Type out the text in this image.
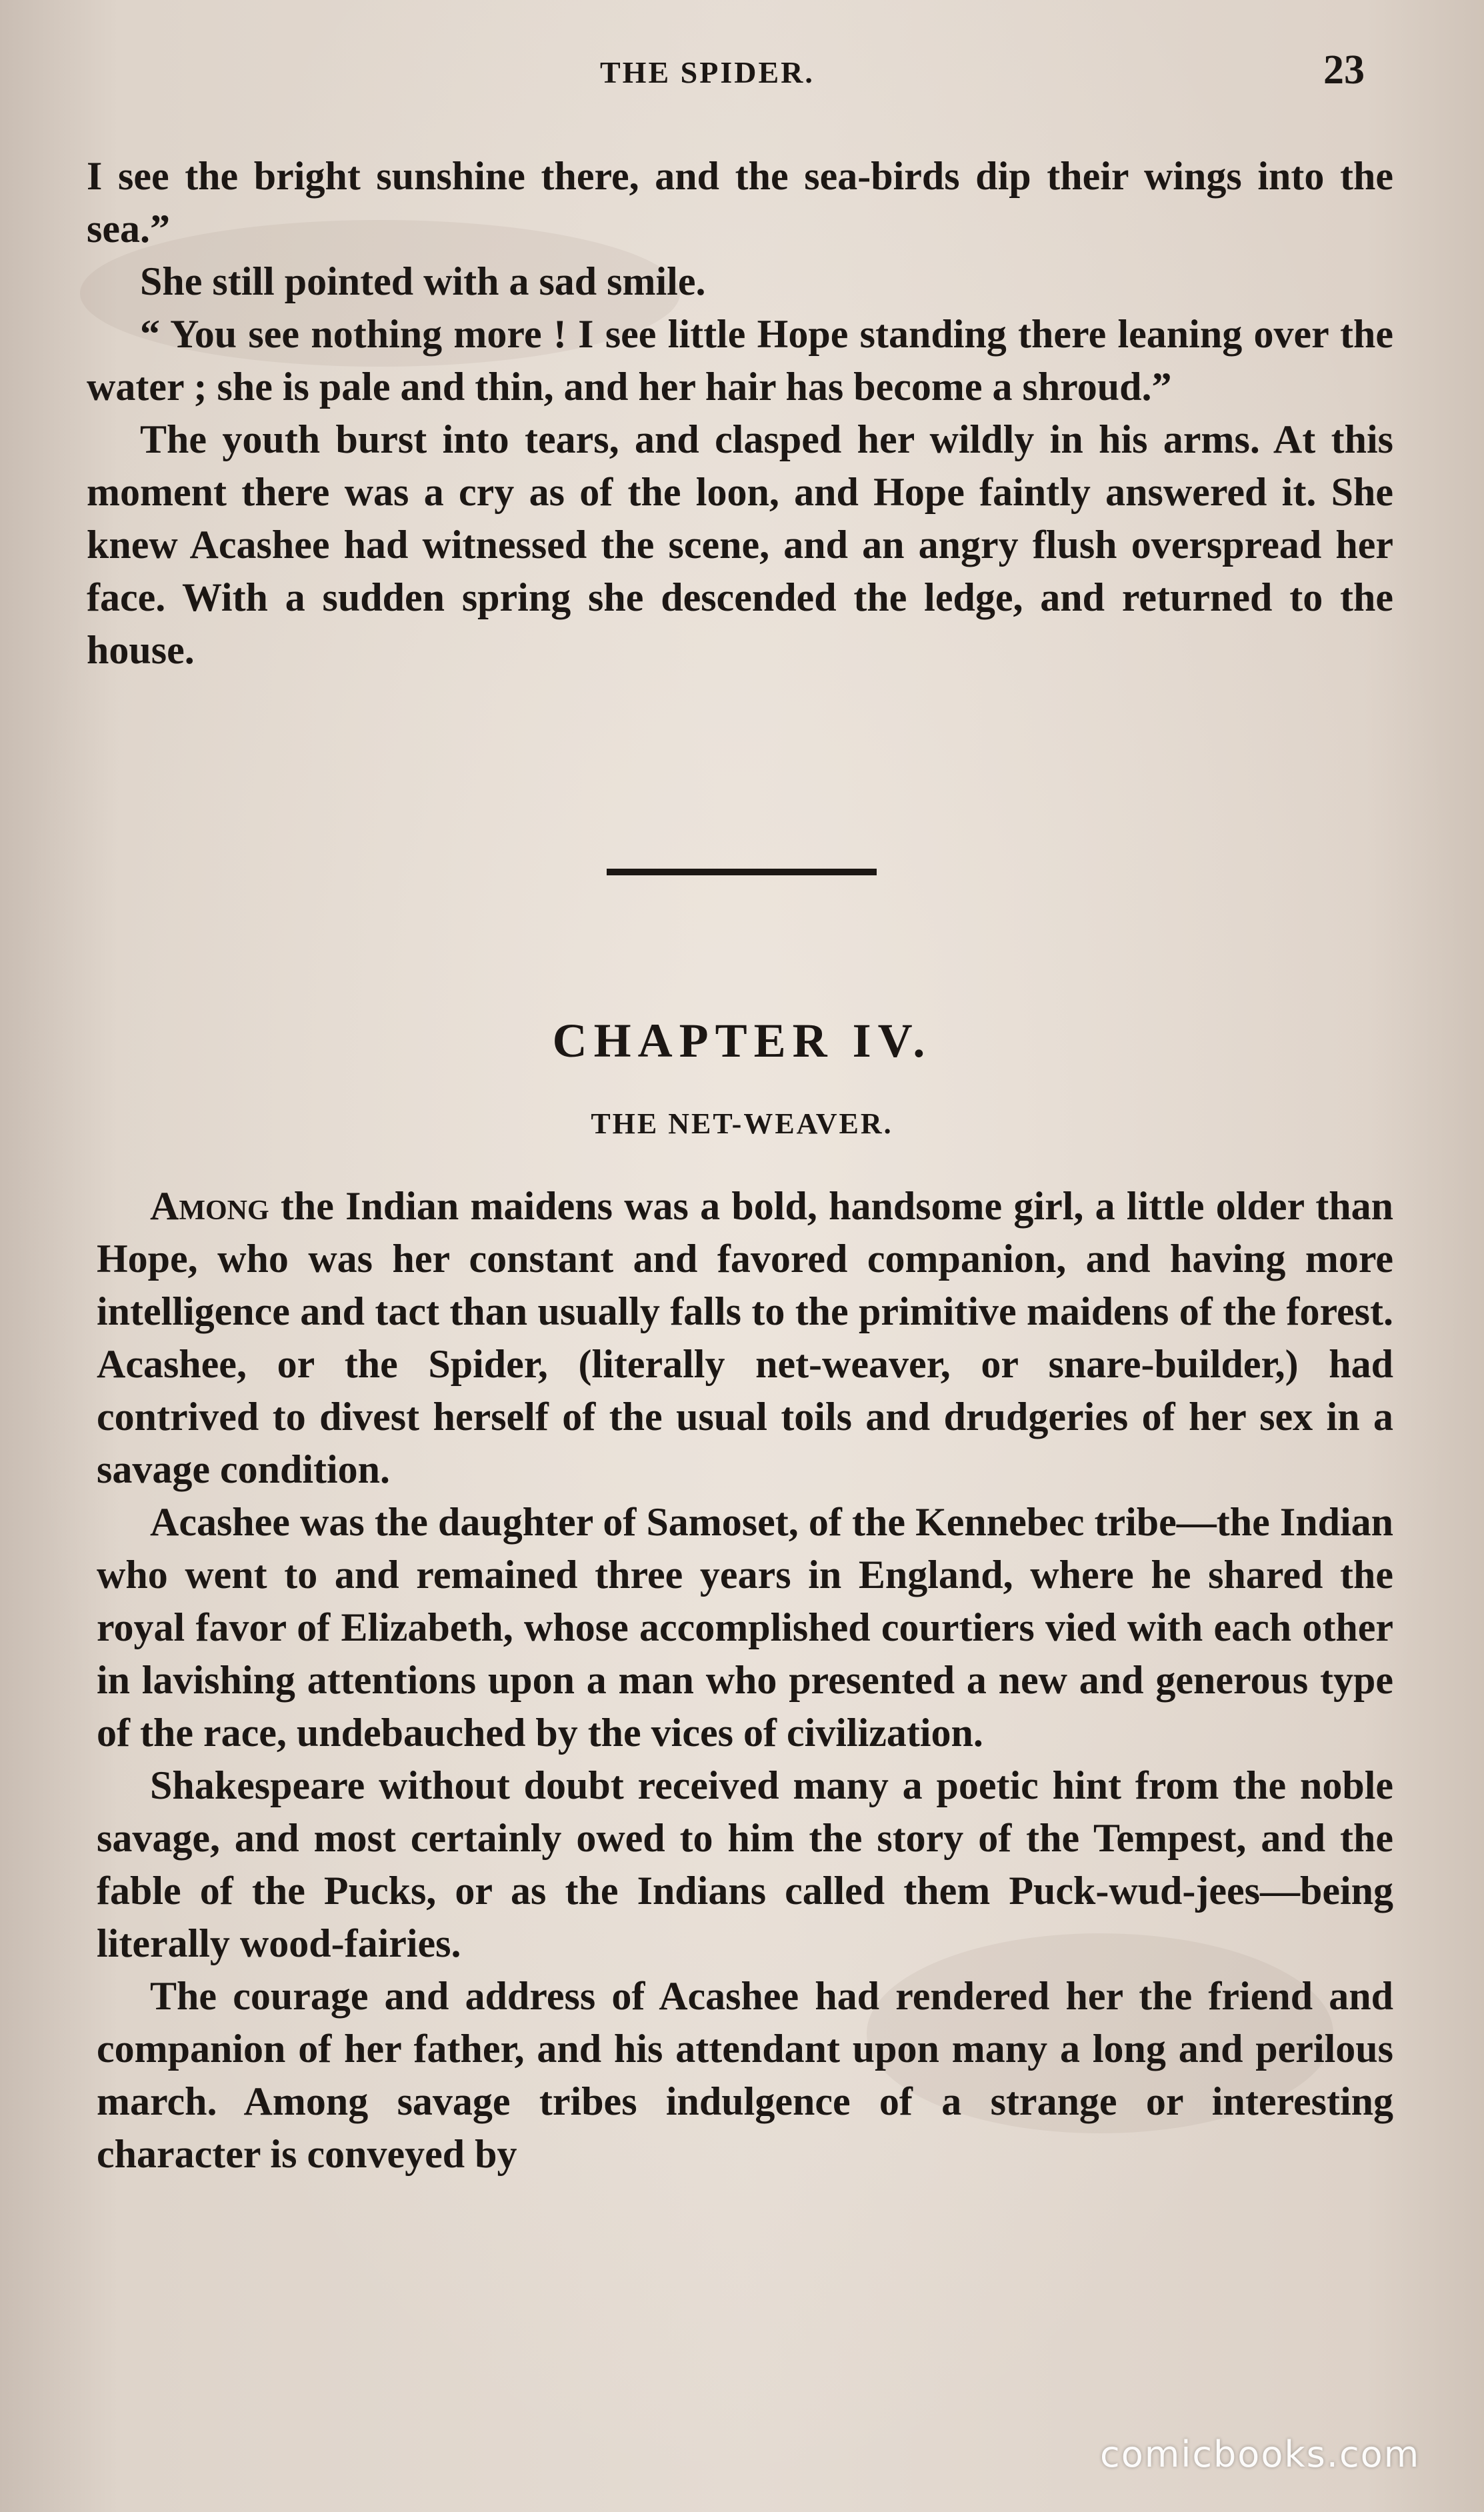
THE SPIDER.	23

I see the bright sunshine there, and the sea-birds dip their wings into the sea.”

She still pointed with a sad smile.

“ You see nothing more ! I see little Hope standing there leaning over the water ; she is pale and thin, and her hair has become a shroud.”

The youth burst into tears, and clasped her wildly in his arms. At this moment there was a cry as of the loon, and Hope faintly answered it. She knew Acashee had witnessed the scene, and an angry flush overspread her face. With a sudden spring she descended the ledge, and returned to the house.

CHAPTER IV.
THE NET-WEAVER.

Among the Indian maidens was a bold, handsome girl, a little older than Hope, who was her constant and favored companion, and having more intelligence and tact than usually falls to the primitive maidens of the forest. Acashee, or the Spider, (literally net-weaver, or snare-builder,) had contrived to divest herself of the usual toils and drudgeries of her sex in a savage condition.

Acashee was the daughter of Samoset, of the Kennebec tribe—the Indian who went to and remained three years in England, where he shared the royal favor of Elizabeth, whose accomplished courtiers vied with each other in lavishing attentions upon a man who presented a new and generous type of the race, undebauched by the vices of civilization.

Shakespeare without doubt received many a poetic hint from the noble savage, and most certainly owed to him the story of the Tempest, and the fable of the Pucks, or as the Indians called them Puck-wud-jees—being literally wood-fairies.

The courage and address of Acashee had rendered her the friend and companion of her father, and his attendant upon many a long and perilous march. Among savage tribes indulgence of a strange or interesting character is conveyed by

comicbooks.com
